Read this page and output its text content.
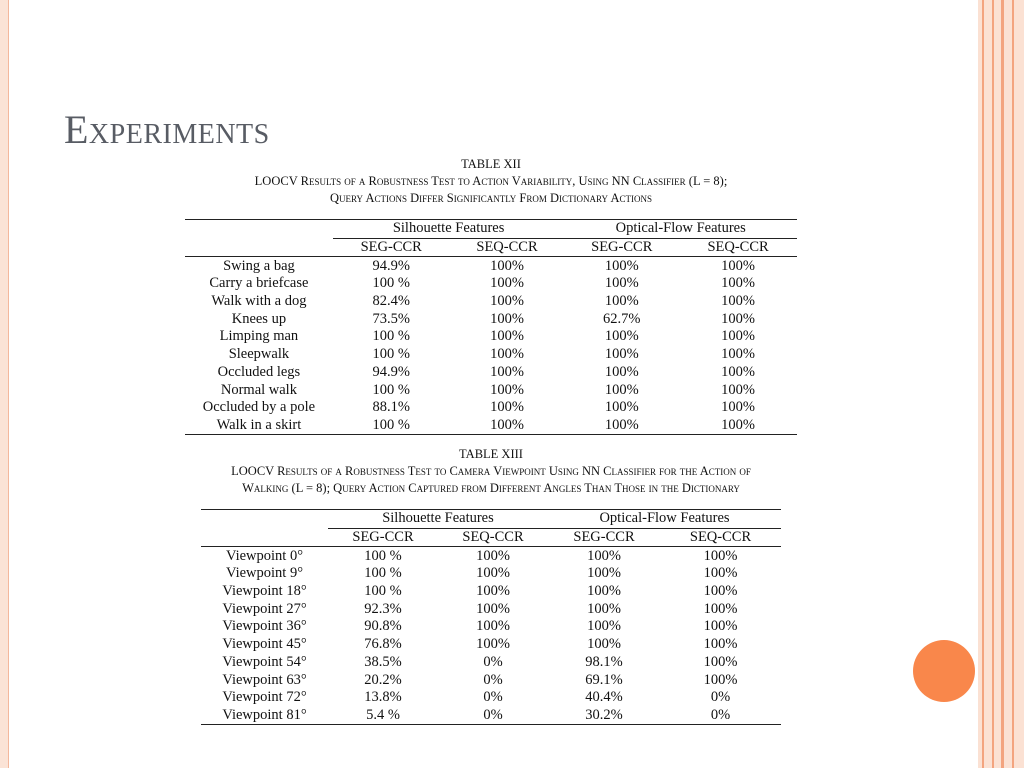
Experiments
TABLE XII
LOOCV Results of a Robustness Test to Action Variability, Using NN Classifier (L = 8);
Query Actions Differ Significantly From Dictionary Actions
	Silhouette Features		Optical-Flow Features	
	SEG-CCR	SEQ-CCR	SEG-CCR	SEQ-CCR
Swing a bag	94.9%	100%	100%	100%
Carry a briefcase	100 %	100%	100%	100%
Walk with a dog	82.4%	100%	100%	100%
Knees up	73.5%	100%	62.7%	100%
Limping man	100 %	100%	100%	100%
Sleepwalk	100 %	100%	100%	100%
Occluded legs	94.9%	100%	100%	100%
Normal walk	100 %	100%	100%	100%
Occluded by a pole	88.1%	100%	100%	100%
Walk in a skirt	100 %	100%	100%	100%
TABLE XIII
LOOCV Results of a Robustness Test to Camera Viewpoint Using NN Classifier for the Action of
Walking (L = 8); Query Action Captured from Different Angles Than Those in the Dictionary
	Silhouette Features		Optical-Flow Features	
	SEG-CCR	SEQ-CCR	SEG-CCR	SEQ-CCR
Viewpoint 0°	100 %	100%	100%	100%
Viewpoint 9°	100 %	100%	100%	100%
Viewpoint 18°	100 %	100%	100%	100%
Viewpoint 27°	92.3%	100%	100%	100%
Viewpoint 36°	90.8%	100%	100%	100%
Viewpoint 45°	76.8%	100%	100%	100%
Viewpoint 54°	38.5%	0%	98.1%	100%
Viewpoint 63°	20.2%	0%	69.1%	100%
Viewpoint 72°	13.8%	0%	40.4%	0%
Viewpoint 81°	5.4 %	0%	30.2%	0%
